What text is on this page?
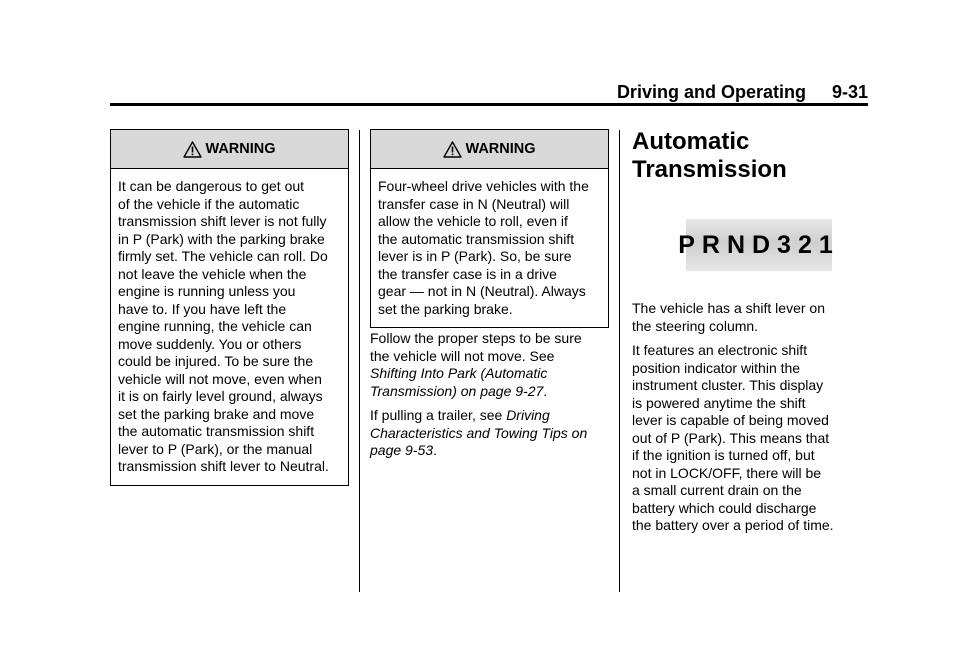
Driving and Operating 9-31
WARNING
It can be dangerous to get out
of the vehicle if the automatic
transmission shift lever is not fully
in P (Park) with the parking brake
firmly set. The vehicle can roll. Do
not leave the vehicle when the
engine is running unless you
have to. If you have left the
engine running, the vehicle can
move suddenly. You or others
could be injured. To be sure the
vehicle will not move, even when
it is on fairly level ground, always
set the parking brake and move
the automatic transmission shift
lever to P (Park), or the manual
transmission shift lever to Neutral.
WARNING
Four-wheel drive vehicles with the
transfer case in N (Neutral) will
allow the vehicle to roll, even if
the automatic transmission shift
lever is in P (Park). So, be sure
the transfer case is in a drive
gear — not in N (Neutral). Always
set the parking brake.

Follow the proper steps to be sure
the vehicle will not move. See
Shifting Into Park (Automatic
Transmission) on page 9-27.

If pulling a trailer, see Driving
Characteristics and Towing Tips on
page 9-53.

Automatic
Transmission
PRND321

The vehicle has a shift lever on
the steering column.

It features an electronic shift
position indicator within the
instrument cluster. This display
is powered anytime the shift
lever is capable of being moved
out of P (Park). This means that
if the ignition is turned off, but
not in LOCK/OFF, there will be
a small current drain on the
battery which could discharge
the battery over a period of time.
